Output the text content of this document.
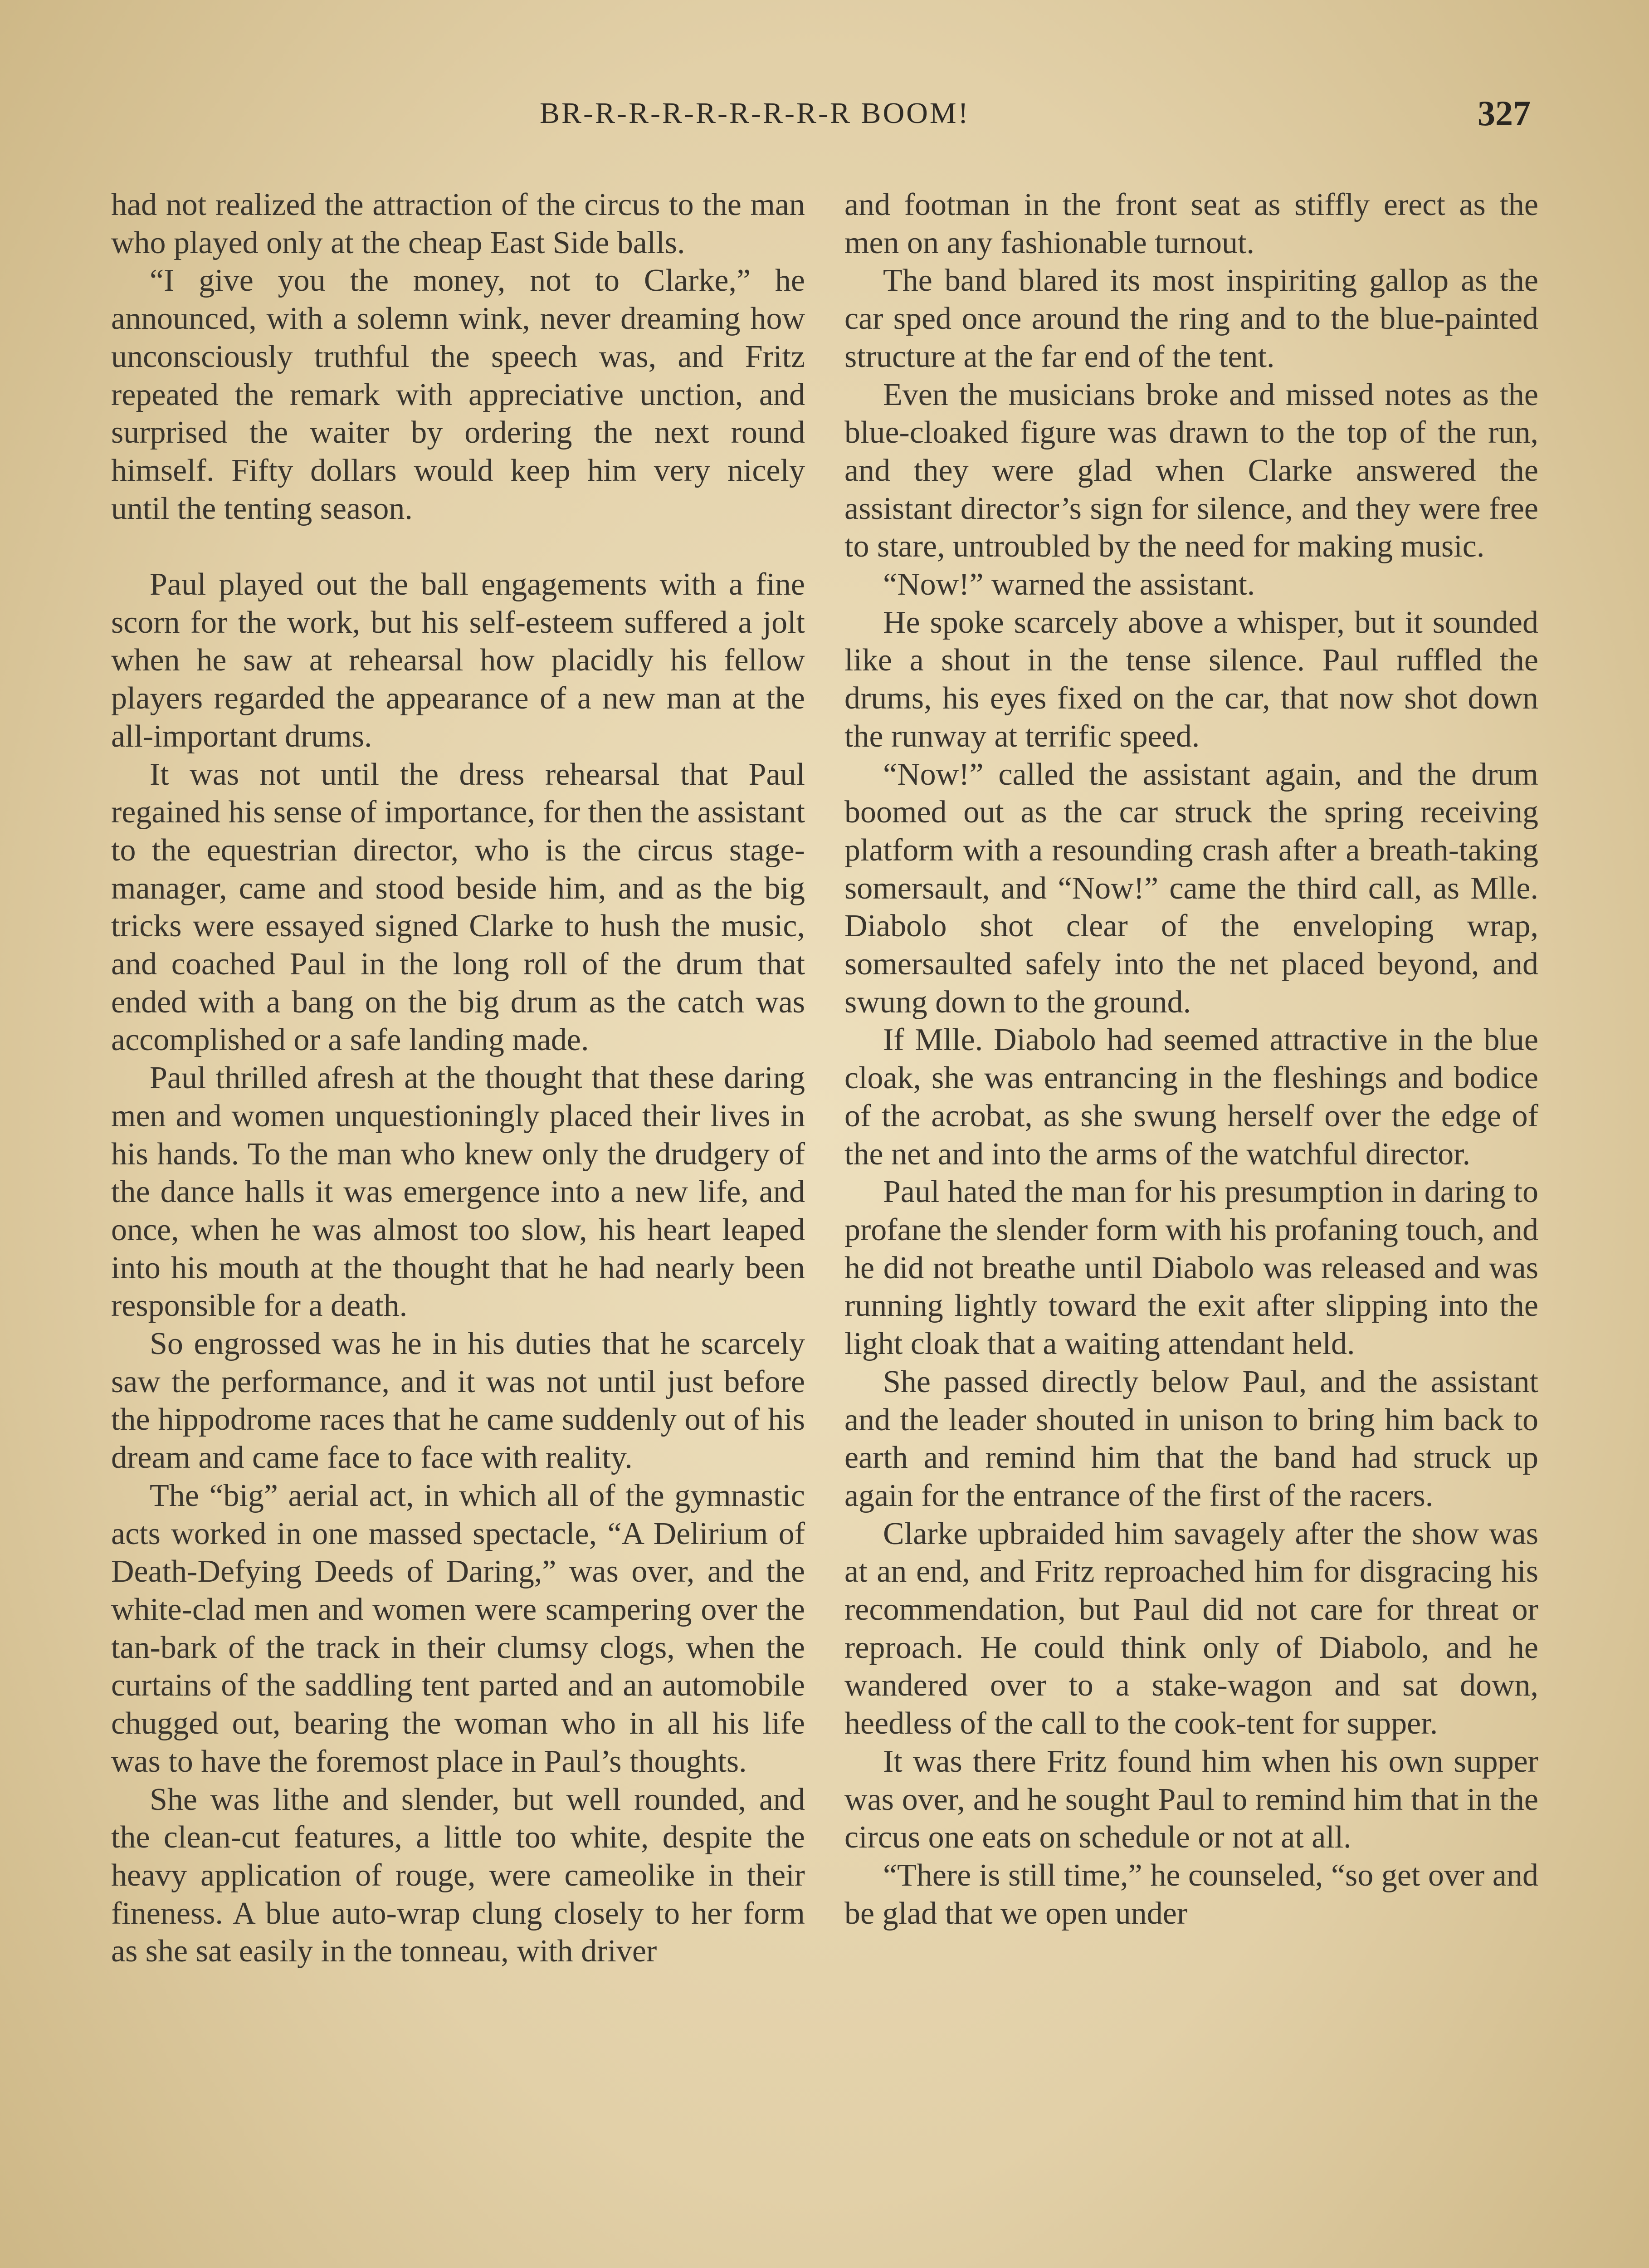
BR-R-R-R-R-R-R-R-R BOOM!	327

had not realized the attraction of the circus to the man who played only at the cheap East Side balls.

“I give you the money, not to Clarke,” he announced, with a solemn wink, never dreaming how unconsciously truthful the speech was, and Fritz repeated the remark with appreciative unction, and surprised the waiter by ordering the next round himself. Fifty dollars would keep him very nicely until the tenting season.

Paul played out the ball engagements with a fine scorn for the work, but his self-esteem suffered a jolt when he saw at rehearsal how placidly his fellow players regarded the appearance of a new man at the all-important drums.

It was not until the dress rehearsal that Paul regained his sense of importance, for then the assistant to the equestrian director, who is the circus stage-manager, came and stood beside him, and as the big tricks were essayed signed Clarke to hush the music, and coached Paul in the long roll of the drum that ended with a bang on the big drum as the catch was accomplished or a safe landing made.

Paul thrilled afresh at the thought that these daring men and women unquestioningly placed their lives in his hands. To the man who knew only the drudgery of the dance halls it was emergence into a new life, and once, when he was almost too slow, his heart leaped into his mouth at the thought that he had nearly been responsible for a death.

So engrossed was he in his duties that he scarcely saw the performance, and it was not until just before the hippodrome races that he came suddenly out of his dream and came face to face with reality.

The “big” aerial act, in which all of the gymnastic acts worked in one massed spectacle, “A Delirium of Death-Defying Deeds of Daring,” was over, and the white-clad men and women were scampering over the tan-bark of the track in their clumsy clogs, when the curtains of the saddling tent parted and an automobile chugged out, bearing the woman who in all his life was to have the foremost place in Paul’s thoughts.

She was lithe and slender, but well rounded, and the clean-cut features, a little too white, despite the heavy application of rouge, were cameolike in their fineness. A blue auto-wrap clung closely to her form as she sat easily in the tonneau, with driver

and footman in the front seat as stiffly erect as the men on any fashionable turnout.

The band blared its most inspiriting gallop as the car sped once around the ring and to the blue-painted structure at the far end of the tent.

Even the musicians broke and missed notes as the blue-cloaked figure was drawn to the top of the run, and they were glad when Clarke answered the assistant director’s sign for silence, and they were free to stare, untroubled by the need for making music.

“Now!” warned the assistant.

He spoke scarcely above a whisper, but it sounded like a shout in the tense silence. Paul ruffled the drums, his eyes fixed on the car, that now shot down the runway at terrific speed.

“Now!” called the assistant again, and the drum boomed out as the car struck the spring receiving platform with a resounding crash after a breath-taking somersault, and “Now!” came the third call, as Mlle. Diabolo shot clear of the enveloping wrap, somersaulted safely into the net placed beyond, and swung down to the ground.

If Mlle. Diabolo had seemed attractive in the blue cloak, she was entrancing in the fleshings and bodice of the acrobat, as she swung herself over the edge of the net and into the arms of the watchful director.

Paul hated the man for his presumption in daring to profane the slender form with his profaning touch, and he did not breathe until Diabolo was released and was running lightly toward the exit after slipping into the light cloak that a waiting attendant held.

She passed directly below Paul, and the assistant and the leader shouted in unison to bring him back to earth and remind him that the band had struck up again for the entrance of the first of the racers.

Clarke upbraided him savagely after the show was at an end, and Fritz reproached him for disgracing his recommendation, but Paul did not care for threat or reproach. He could think only of Diabolo, and he wandered over to a stake-wagon and sat down, heedless of the call to the cook-tent for supper.

It was there Fritz found him when his own supper was over, and he sought Paul to remind him that in the circus one eats on schedule or not at all.

“There is still time,” he counseled, “so get over and be glad that we open under
